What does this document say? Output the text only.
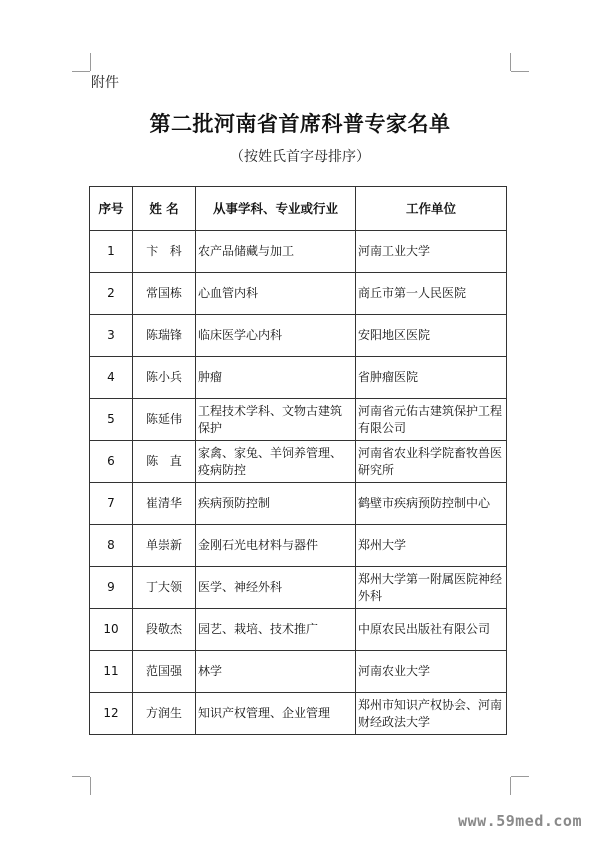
附件
第二批河南省首席科普专家名单
（按姓氏首字母排序）
序号	姓 名	从事学科、专业或行业	工作单位
1	卞   科	农产品储藏与加工	河南工业大学
2	常国栋	心血管内科	商丘市第一人民医院
3	陈瑞锋	临床医学心内科	安阳地区医院
4	陈小兵	肿瘤	省肿瘤医院
5	陈延伟	工程技术学科、文物古建筑保护	河南省元佑古建筑保护工程有限公司
6	陈   直	家禽、家兔、羊饲养管理、疫病防控	河南省农业科学院畜牧兽医研究所
7	崔清华	疾病预防控制	鹤壁市疾病预防控制中心
8	单崇新	金刚石光电材料与器件	郑州大学
9	丁大领	医学、神经外科	郑州大学第一附属医院神经外科
10	段敬杰	园艺、栽培、技术推广	中原农民出版社有限公司
11	范国强	林学	河南农业大学
12	方润生	知识产权管理、企业管理	郑州市知识产权协会、河南财经政法大学
www.59med.com
